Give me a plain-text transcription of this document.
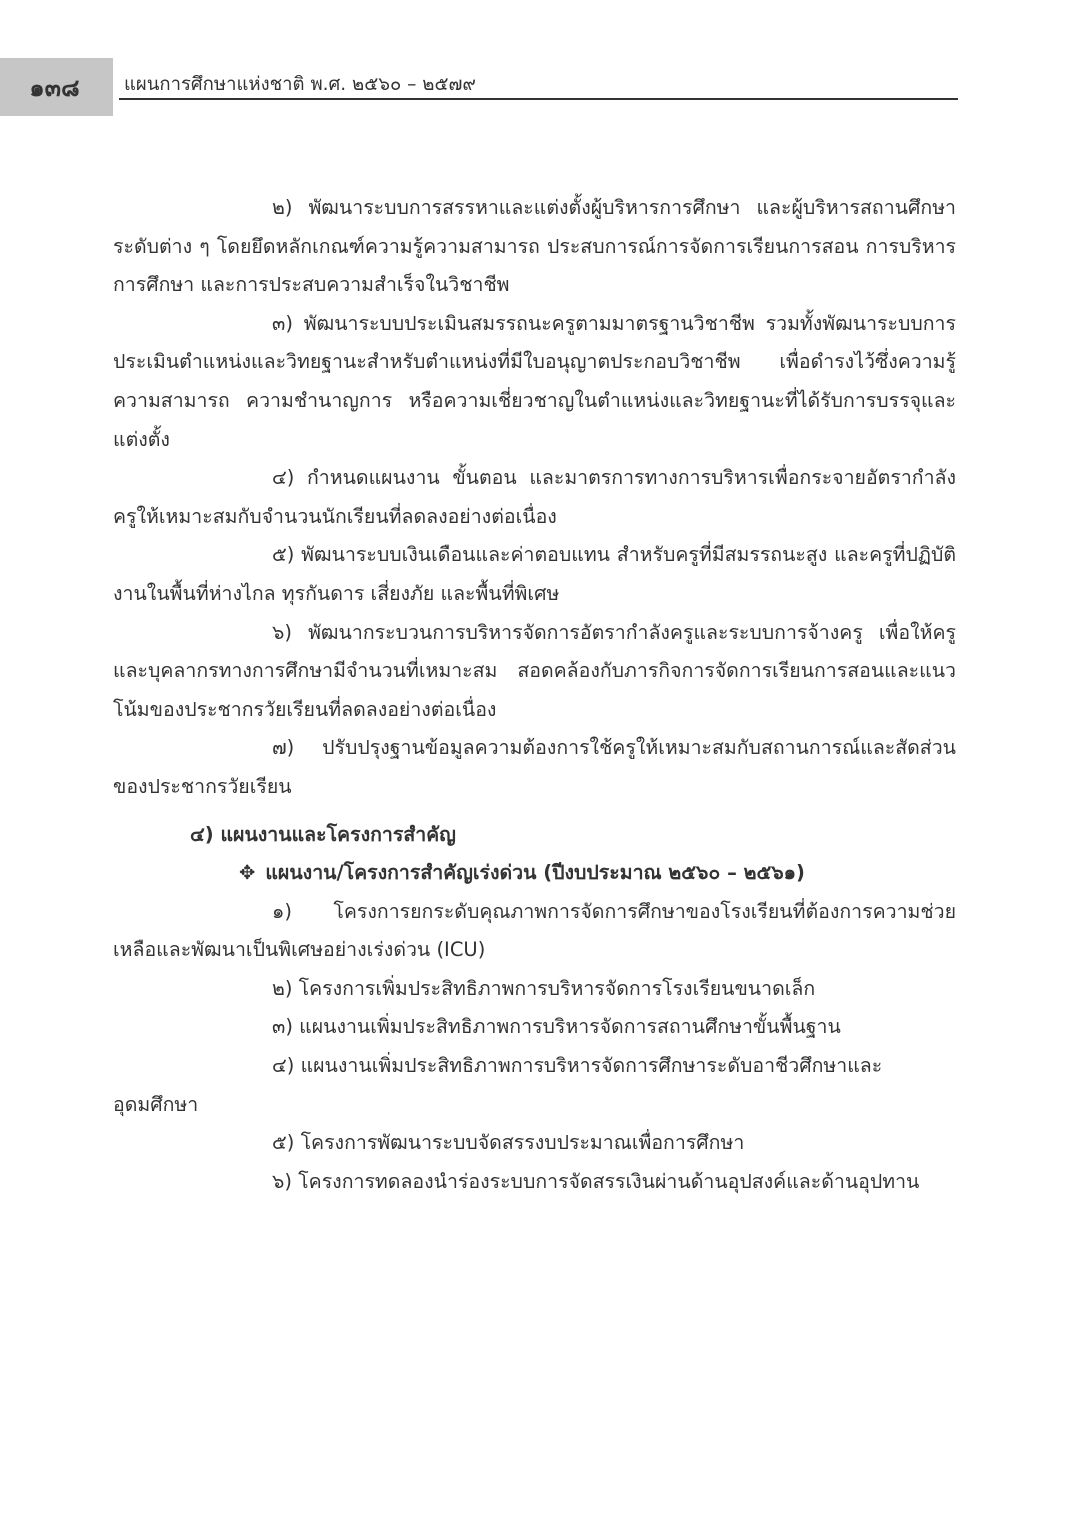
๑๓๘ แผนการศึกษาแห่งชาติ พ.ศ. ๒๕๖๐ – ๒๕๗๙

๒) พัฒนาระบบการสรรหาและแต่งตั้งผู้บริหารการศึกษา และผู้บริหารสถานศึกษาระดับต่าง ๆ โดยยึดหลักเกณฑ์ความรู้ความสามารถ ประสบการณ์การจัดการเรียนการสอน การบริหารการศึกษา และการประสบความสำเร็จในวิชาชีพ

๓) พัฒนาระบบประเมินสมรรถนะครูตามมาตรฐานวิชาชีพ รวมทั้งพัฒนาระบบการประเมินตำแหน่งและวิทยฐานะสำหรับตำแหน่งที่มีใบอนุญาตประกอบวิชาชีพ เพื่อดำรงไว้ซึ่งความรู้ความสามารถ ความชำนาญการ หรือความเชี่ยวชาญในตำแหน่งและวิทยฐานะที่ได้รับการบรรจุและแต่งตั้ง

๔) กำหนดแผนงาน ขั้นตอน และมาตรการทางการบริหารเพื่อกระจายอัตรากำลังครูให้เหมาะสมกับจำนวนนักเรียนที่ลดลงอย่างต่อเนื่อง

๕) พัฒนาระบบเงินเดือนและค่าตอบแทน สำหรับครูที่มีสมรรถนะสูง และครูที่ปฏิบัติงานในพื้นที่ห่างไกล ทุรกันดาร เสี่ยงภัย และพื้นที่พิเศษ

๖) พัฒนากระบวนการบริหารจัดการอัตรากำลังครูและระบบการจ้างครู เพื่อให้ครูและบุคลากรทางการศึกษามีจำนวนที่เหมาะสม สอดคล้องกับภารกิจการจัดการเรียนการสอนและแนวโน้มของประชากรวัยเรียนที่ลดลงอย่างต่อเนื่อง

๗) ปรับปรุงฐานข้อมูลความต้องการใช้ครูให้เหมาะสมกับสถานการณ์และสัดส่วนของประชากรวัยเรียน

๔) แผนงานและโครงการสำคัญ

✥ แผนงาน/โครงการสำคัญเร่งด่วน (ปีงบประมาณ ๒๕๖๐ – ๒๕๖๑)

๑) โครงการยกระดับคุณภาพการจัดการศึกษาของโรงเรียนที่ต้องการความช่วยเหลือและพัฒนาเป็นพิเศษอย่างเร่งด่วน (ICU)

๒) โครงการเพิ่มประสิทธิภาพการบริหารจัดการโรงเรียนขนาดเล็ก

๓) แผนงานเพิ่มประสิทธิภาพการบริหารจัดการสถานศึกษาขั้นพื้นฐาน

๔) แผนงานเพิ่มประสิทธิภาพการบริหารจัดการศึกษาระดับอาชีวศึกษาและ

อุดมศึกษา

๕) โครงการพัฒนาระบบจัดสรรงบประมาณเพื่อการศึกษา

๖) โครงการทดลองนำร่องระบบการจัดสรรเงินผ่านด้านอุปสงค์และด้านอุปทาน
